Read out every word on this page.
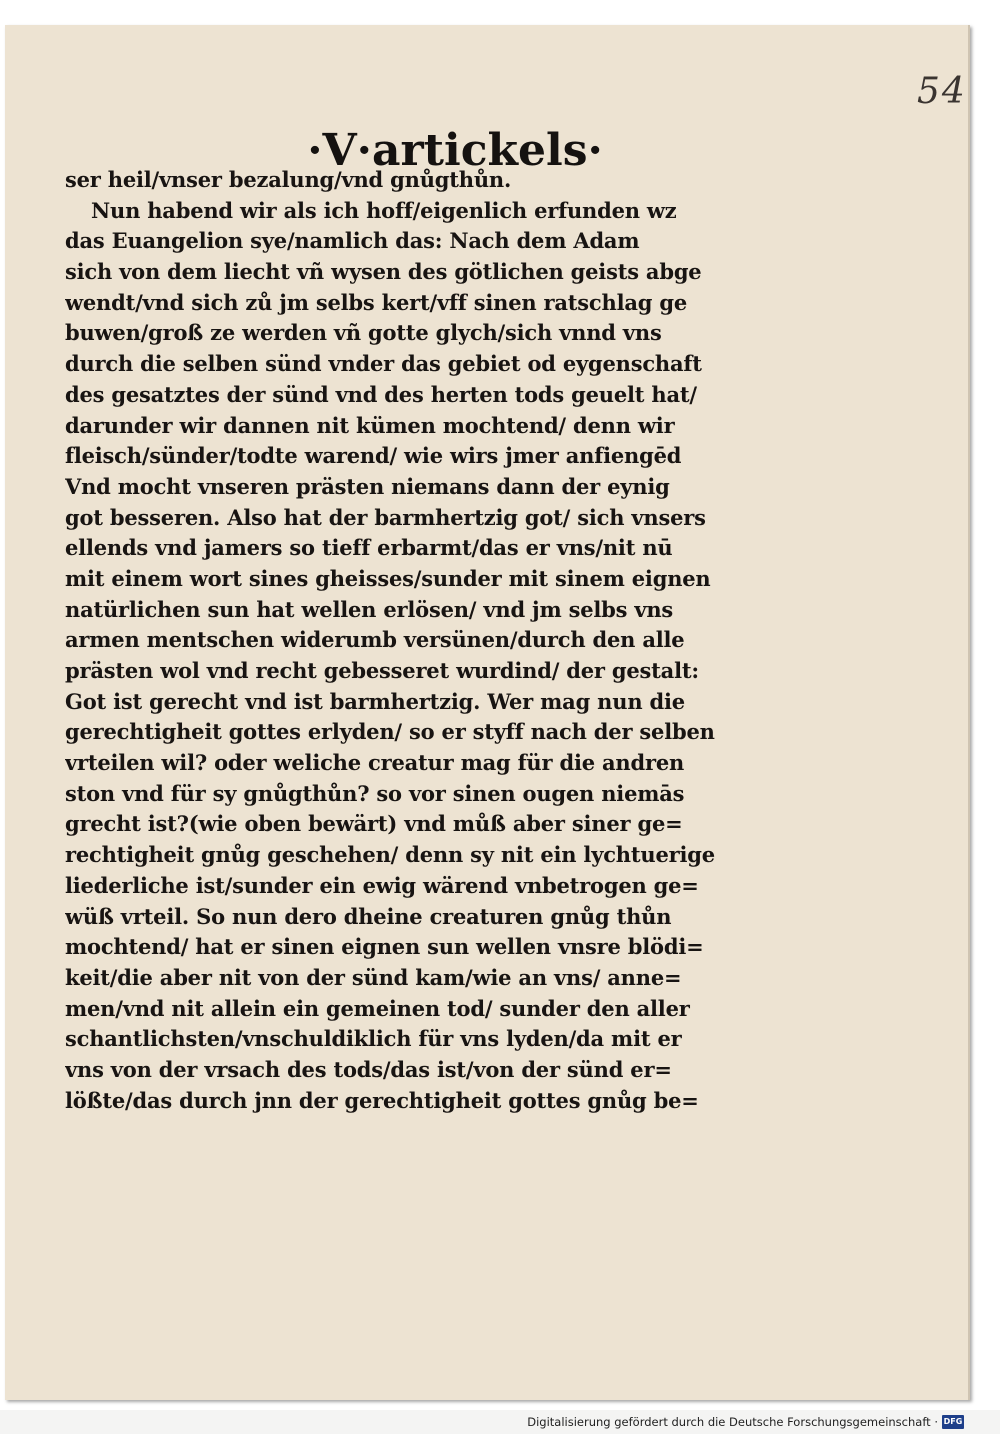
54
·V·artickels·
ser heil/vnser bezalung/vnd gnůgthůn.
Nun habend wir als ich hoff/eigenlich erfunden wz
das Euangelion sye/namlich das: Nach dem Adam
sich von dem liecht vñ wysen des götlichen geists abge
wendt/vnd sich zů jm selbs kert/vff sinen ratschlag ge
buwen/groß ze werden vñ gotte glych/sich vnnd vns
durch die selben sünd vnder das gebiet od eygenschaft
des gesatztes der sünd vnd des herten tods geuelt hat/
darunder wir dannen nit kümen mochtend/ denn wir
fleisch/sünder/todte warend/ wie wirs jmer anfiengēd
Vnd mocht vnseren prästen niemans dann der eynig
got besseren. Also hat der barmhertzig got/ sich vnsers
ellends vnd jamers so tieff erbarmt/das er vns/nit nū
mit einem wort sines gheisses/sunder mit sinem eignen
natürlichen sun hat wellen erlösen/ vnd jm selbs vns
armen mentschen widerumb versünen/durch den alle
prästen wol vnd recht gebesseret wurdind/ der gestalt:
Got ist gerecht vnd ist barmhertzig. Wer mag nun die
gerechtigheit gottes erlyden/ so er styff nach der selben
vrteilen wil? oder weliche creatur mag für die andren
ston vnd für sy gnůgthůn? so vor sinen ougen niemās
grecht ist?(wie oben bewärt) vnd můß aber siner ge=
rechtigheit gnůg geschehen/ denn sy nit ein lychtuerige
liederliche ist/sunder ein ewig wärend vnbetrogen ge=
wüß vrteil. So nun dero dheine creaturen gnůg thůn
mochtend/ hat er sinen eignen sun wellen vnsre blödi=
keit/die aber nit von der sünd kam/wie an vns/ anne=
men/vnd nit allein ein gemeinen tod/ sunder den aller
schantlichsten/vnschuldiklich für vns lyden/da mit er
vns von der vrsach des tods/das ist/von der sünd er=
lößte/das durch jnn der gerechtigheit gottes gnůg be=
Digitalisierung gefördert durch die Deutsche Forschungsgemeinschaft · DFG
